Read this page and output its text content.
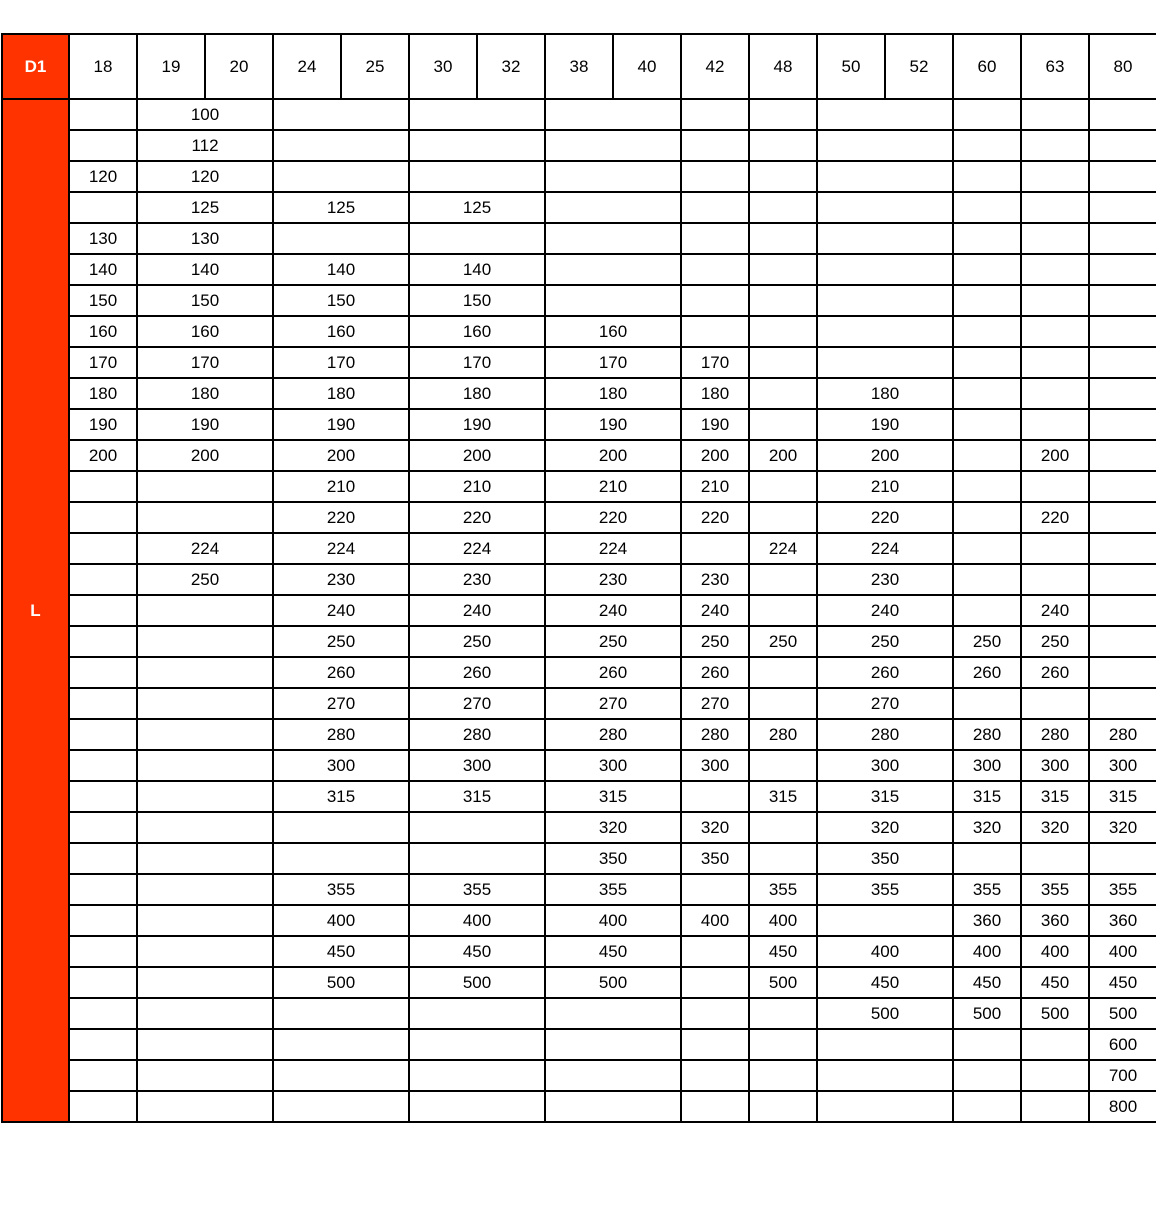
D1	18	19	20	24	25	30	32	38	40	42	48	50	52	60	63	80
L		100														
		112														
	120	120														
		125		125		125										
	130	130														
	140	140		140		140										
	150	150		150		150										
	160	160		160		160		160								
	170	170		170		170		170		170						
	180	180		180		180		180		180		180				
	190	190		190		190		190		190		190				
	200	200		200		200		200		200	200	200			200	
				210		210		210		210		210				
				220		220		220		220		220			220	
		224		224		224		224			224	224				
		250		230		230		230		230		230				
				240		240		240		240		240			240	
				250		250		250		250	250	250		250	250	
				260		260		260		260		260		260	260	
				270		270		270		270		270				
				280		280		280		280	280	280		280	280	280
				300		300		300		300		300		300	300	300
				315		315		315			315	315		315	315	315
								320		320		320		320	320	320
								350		350		350				
				355		355		355			355	355		355	355	355
				400		400		400		400	400			360	360	360
				450		450		450			450	400		400	400	400
				500		500		500			500	450		450	450	450
												500		500	500	500
																600
																700
																800
